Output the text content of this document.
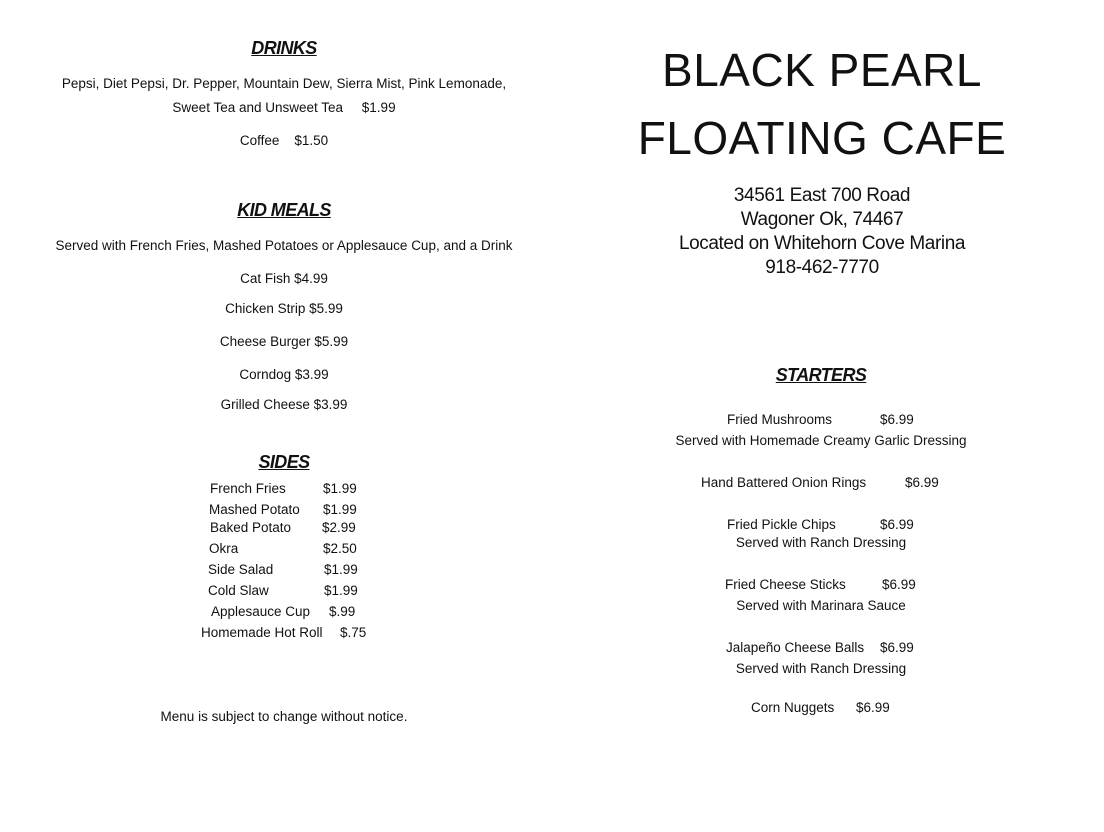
DRINKS
Pepsi, Diet Pepsi, Dr. Pepper, Mountain Dew, Sierra Mist, Pink Lemonade,
Sweet Tea and Unsweet Tea     $1.99
Coffee    $1.50
KID MEALS
Served with French Fries, Mashed Potatoes or Applesauce Cup, and a Drink
Cat Fish $4.99
Chicken Strip $5.99
Cheese Burger $5.99
Corndog $3.99
Grilled Cheese $3.99
SIDES
French Fries	$1.99
Mashed Potato $1.99
Baked Potato $2.99
Okra	$2.50
Side Salad	$1.99
Cold Slaw	$1.99
Applesauce Cup $.99
Homemade Hot Roll $.75
Menu is subject to change without notice.
BLACK PEARL
FLOATING CAFE
34561 East 700 Road
Wagoner Ok, 74467
Located on Whitehorn Cove Marina
918-462-7770
STARTERS
Fried Mushrooms	$6.99
Served with Homemade Creamy Garlic Dressing
Hand Battered Onion Rings	$6.99
Fried Pickle Chips	$6.99
Served with Ranch Dressing
Fried Cheese Sticks	$6.99
Served with Marinara Sauce
Jalapeño Cheese Balls $6.99
Served with Ranch Dressing
Corn Nuggets $6.99
